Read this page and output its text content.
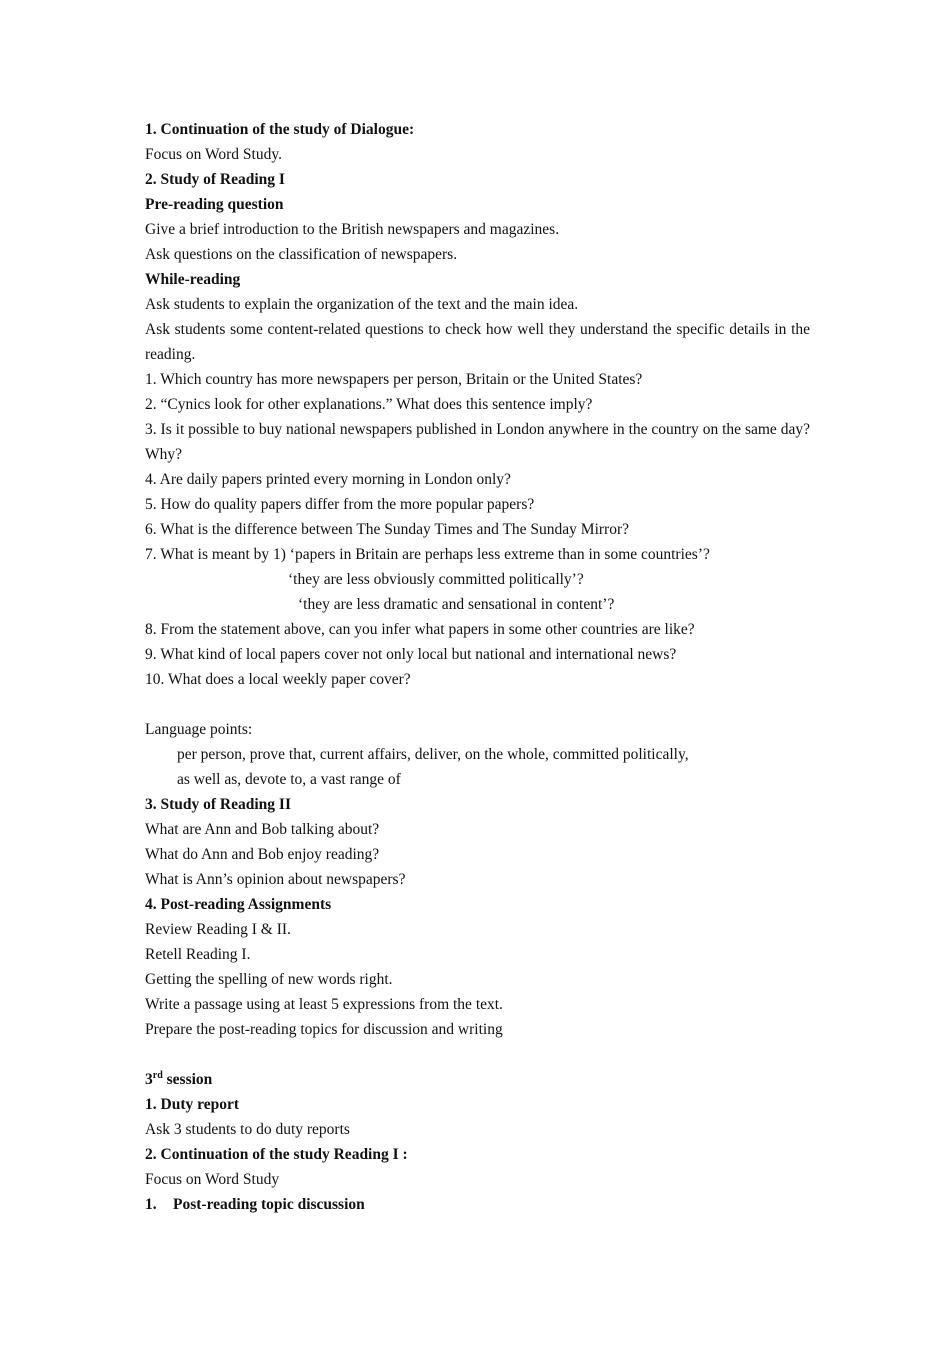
1. Continuation of the study of Dialogue:
Focus on Word Study.
2. Study of Reading I
Pre-reading question
Give a brief introduction to the British newspapers and magazines.
Ask questions on the classification of newspapers.
While-reading
Ask students to explain the organization of the text and the main idea.
Ask students some content-related questions to check how well they understand the specific details in the reading.
1. Which country has more newspapers per person, Britain or the United States?
2. “Cynics look for other explanations.” What does this sentence imply?
3. Is it possible to buy national newspapers published in London anywhere in the country on the same day? Why?
4. Are daily papers printed every morning in London only?
5. How do quality papers differ from the more popular papers?
6. What is the difference between The Sunday Times and The Sunday Mirror?
7. What is meant by 1) ‘papers in Britain are perhaps less extreme than in some countries’?
‘they are less obviously committed politically’?
‘they are less dramatic and sensational in content’?
8. From the statement above, can you infer what papers in some other countries are like?
9. What kind of local papers cover not only local but national and international news?
10. What does a local weekly paper cover?
Language points:
per person, prove that, current affairs, deliver, on the whole, committed politically,
as well as, devote to, a vast range of
3. Study of Reading II
What are Ann and Bob talking about?
What do Ann and Bob enjoy reading?
What is Ann’s opinion about newspapers?
4. Post-reading Assignments
Review Reading I & II.
Retell Reading I.
Getting the spelling of new words right.
Write a passage using at least 5 expressions from the text.
Prepare the post-reading topics for discussion and writing
3rd session
1. Duty report
Ask 3 students to do duty reports
2. Continuation of the study Reading I :
Focus on Word Study
1. Post-reading topic discussion
